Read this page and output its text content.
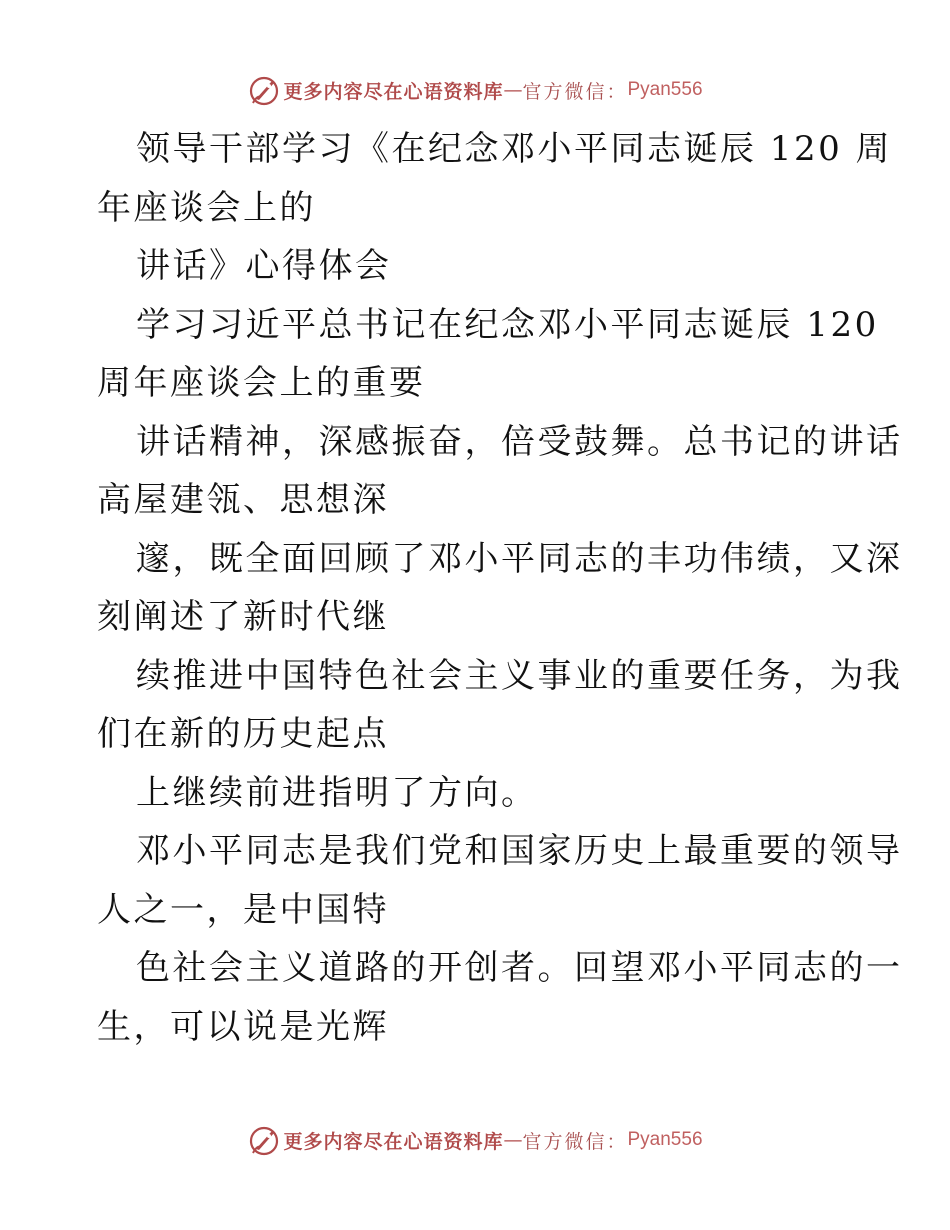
更多内容尽在心语资料库 — 官方微信： Pyan556
领导干部学习《在纪念邓小平同志诞辰 120 周
年座谈会上的
讲话》心得体会
学习习近平总书记在纪念邓小平同志诞辰 120
周年座谈会上的重要
讲话精神，深感振奋，倍受鼓舞。总书记的讲话
高屋建瓴、思想深
邃，既全面回顾了邓小平同志的丰功伟绩，又深
刻阐述了新时代继
续推进中国特色社会主义事业的重要任务，为我
们在新的历史起点
上继续前进指明了方向。
邓小平同志是我们党和国家历史上最重要的领导
人之一，是中国特
色社会主义道路的开创者。回望邓小平同志的一
生，可以说是光辉
更多内容尽在心语资料库 — 官方微信： Pyan556
